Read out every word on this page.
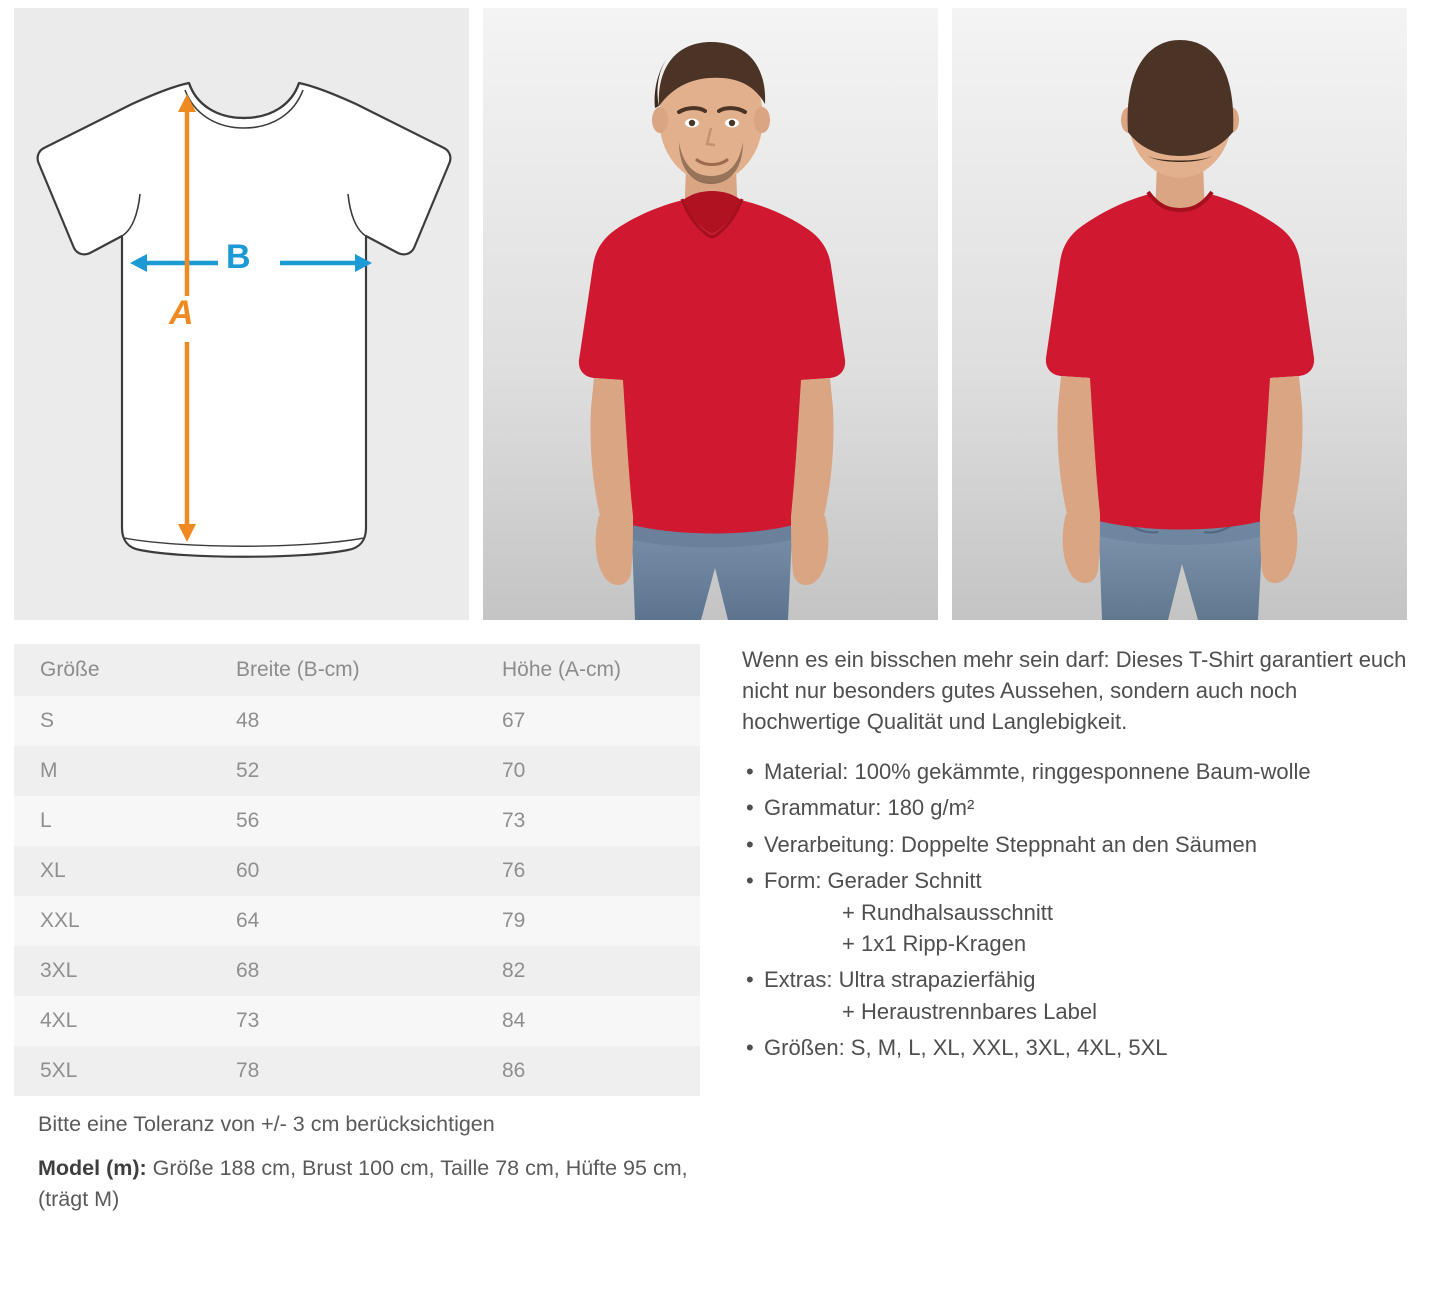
B
A
Größe	Breite (B-cm)	Höhe (A-cm)
S	48	67
M	52	70
L	56	73
XL	60	76
XXL	64	79
3XL	68	82
4XL	73	84
5XL	78	86
Bitte eine Toleranz von +/- 3 cm berücksichtigen
Model (m): Größe 188 cm, Brust 100 cm, Taille 78 cm, Hüfte 95 cm, (trägt M)

Wenn es ein bisschen mehr sein darf: Dieses T-Shirt garantiert euch nicht nur besonders gutes Aussehen, sondern auch noch hochwertige Qualität und Langlebigkeit.

• Material: 100% gekämmte, ringgesponnene Baum-wolle
• Grammatur: 180 g/m²
• Verarbeitung: Doppelte Steppnaht an den Säumen
• Form: Gerader Schnitt
+ Rundhalsausschnitt
+ 1x1 Ripp-Kragen
• Extras: Ultra strapazierfähig
+ Heraustrennbares Label
• Größen: S, M, L, XL, XXL, 3XL, 4XL, 5XL
